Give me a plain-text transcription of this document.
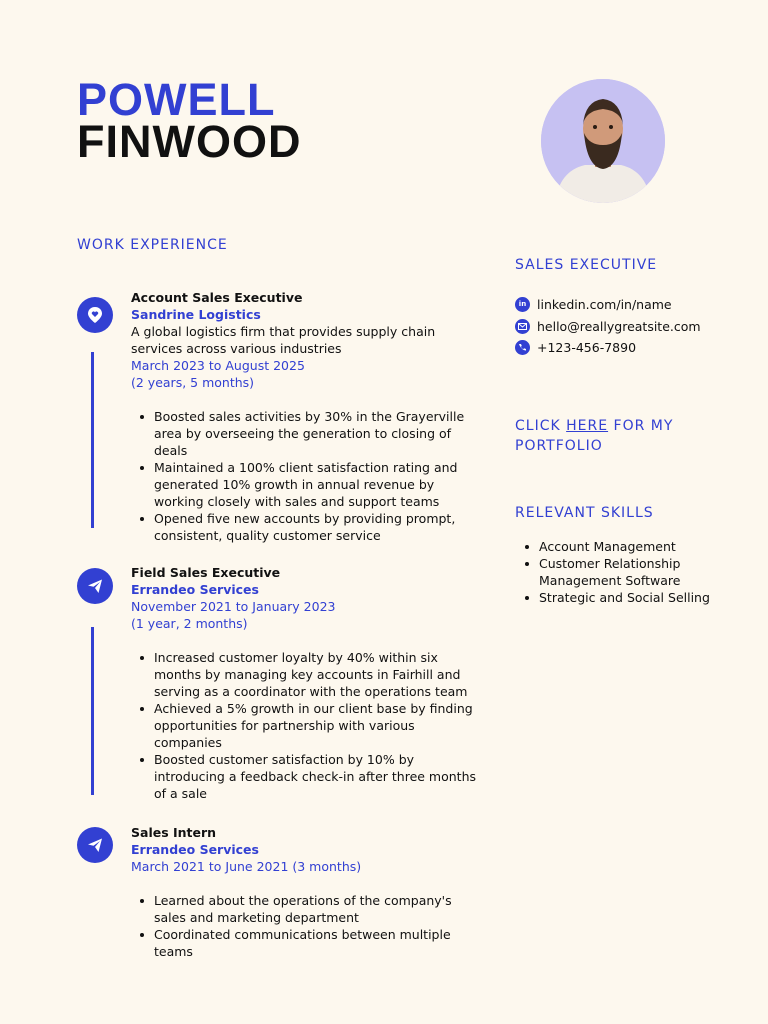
POWELL
FINWOOD
WORK EXPERIENCE
Account Sales Executive
Sandrine Logistics
A global logistics firm that provides supply chain services across various industries
March 2023 to August 2025
(2 years, 5 months)
Boosted sales activities by 30% in the Grayerville area by overseeing the generation to closing of deals
Maintained a 100% client satisfaction rating and generated 10% growth in annual revenue by working closely with sales and support teams
Opened five new accounts by providing prompt, consistent, quality customer service
Field Sales Executive
Errandeo Services
November 2021 to January 2023
(1 year, 2 months)
Increased customer loyalty by 40% within six months by managing key accounts in Fairhill and serving as a coordinator with the operations team
Achieved a 5% growth in our client base by finding opportunities for partnership with various companies
Boosted customer satisfaction by 10% by introducing a feedback check-in after three months of a sale
Sales Intern
Errandeo Services
March 2021 to June 2021 (3 months)
Learned about the operations of the company's sales and marketing department
Coordinated communications between multiple teams
SALES EXECUTIVE
in linkedin.com/in/name
hello@reallygreatsite.com
+123-456-7890
CLICK HERE FOR MY PORTFOLIO
RELEVANT SKILLS
Account Management
Customer Relationship Management Software
Strategic and Social Selling
